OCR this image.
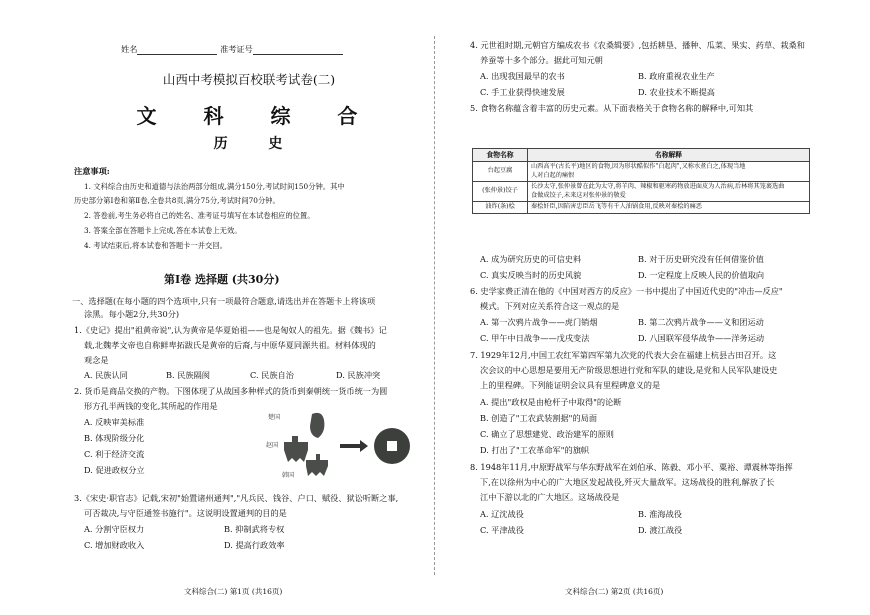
姓名	准考证号
山西中考模拟百校联考试卷(二)
文 科 综 合
历 史
注意事项:
1. 文科综合由历史和道德与法治两部分组成,满分150分,考试时间150分钟。其中
历史部分第Ⅰ卷和第Ⅱ卷,全卷共8页,满分75分,考试时间70分钟。
2. 答卷前,考生务必将自己的姓名、准考证号填写在本试卷相应的位置。
3. 答案全部在答题卡上完成,答在本试卷上无效。
4. 考试结束后,将本试卷和答题卡一并交回。
第Ⅰ卷 选择题 (共30分)
一、选择题(在每小题的四个选项中,只有一项最符合题意,请选出并在答题卡上将该项
涂黑。每小题2分,共30分)
1.《史记》提出"祖黄帝说",认为黄帝是华夏始祖——也是匈奴人的祖先。据《魏书》记
载,北魏孝文帝也自称鲜卑拓跋氏是黄帝的后裔,与中原华夏同源共祖。材料体现的
观念是
A. 民族认同	B. 民族隔阂	C. 民族自治	D. 民族冲突
2. 货币是商品交换的产物。下图体现了从战国多种样式的货币到秦朝统一货币统一为圆
形方孔半两钱的变化,其所起的作用是
A. 反映审美标准
B. 体现阶级分化
C. 利于经济交流
D. 促进政权分立
楚国
赵国
韩国
3.《宋史·职官志》记载,宋初"始置诸州通判","凡兵民、钱谷、户口、赋役、狱讼听断之事,
可否裁决,与守臣通签书施行"。这说明设置通判的目的是
A. 分割守臣权力	B. 抑制武将专权
C. 增加财政收入	D. 提高行政效率
文科综合(二) 第1页 (共16页)
4. 元世祖时期,元朝官方编成农书《农桑辑要》,包括耕垦、播种、瓜菜、果实、药草、栽桑和
养蚕等十多个部分。据此可知元朝
A. 出现我国最早的农书	B. 政府重视农业生产
C. 手工业获得快速发展	D. 农业技术不断提高
5. 食物名称蕴含着丰富的历史元素。从下面表格关于食物名称的解释中,可知其
食物名称	名称解释
台起豆腐	山西高平(古长平)地区的食物,因为形状酷似作"白起肉",又称水煮白之,体现当地
人对白起的痛恨

(张仲景)饺子	长沙太守,张仲景曾在此为太守,将羊肉、辣椒和驱寒药物放进面皮为人治病,后林将其笼裹选曲
食做成饺子,未来这对张仲景的敬爱

油炸(条)桧	秦桧奸臣,因陷害忠臣岳飞等有千人油锅食用,反映对秦桧的痛恶
A. 成为研究历史的可信史料	B. 对于历史研究没有任何借鉴价值
C. 真实反映当时的历史风貌	D. 一定程度上反映人民的价值取向
6. 史学家费正清在他的《中国对西方的反应》一书中提出了中国近代史的"冲击—反应"
模式。下列对应关系符合这一观点的是
A. 第一次鸦片战争——虎门销烟	B. 第二次鸦片战争——义和团运动
C. 甲午中日战争——戊戌变法	D. 八国联军侵华战争——洋务运动
7. 1929年12月,中国工农红军第四军第九次党的代表大会在福建上杭县古田召开。这
次会议的中心思想是要用无产阶级思想进行党和军队的建设,是党和人民军队建设史
上的里程碑。下列能证明会议具有里程碑意义的是
A. 提出"政权是由枪杆子中取得"的论断
B. 创造了"工农武装割据"的局面
C. 确立了思想建党、政治建军的原则
D. 打出了"工农革命军"的旗帜
8. 1948年11月,中原野战军与华东野战军在刘伯承、陈毅、邓小平、粟裕、谭震林等指挥
下,在以徐州为中心的广大地区发起战役,歼灭大量敌军。这场战役的胜利,解放了长
江中下游以北的广大地区。这场战役是
A. 辽沈战役	B. 淮海战役
C. 平津战役	D. 渡江战役
文科综合(二) 第2页 (共16页)
